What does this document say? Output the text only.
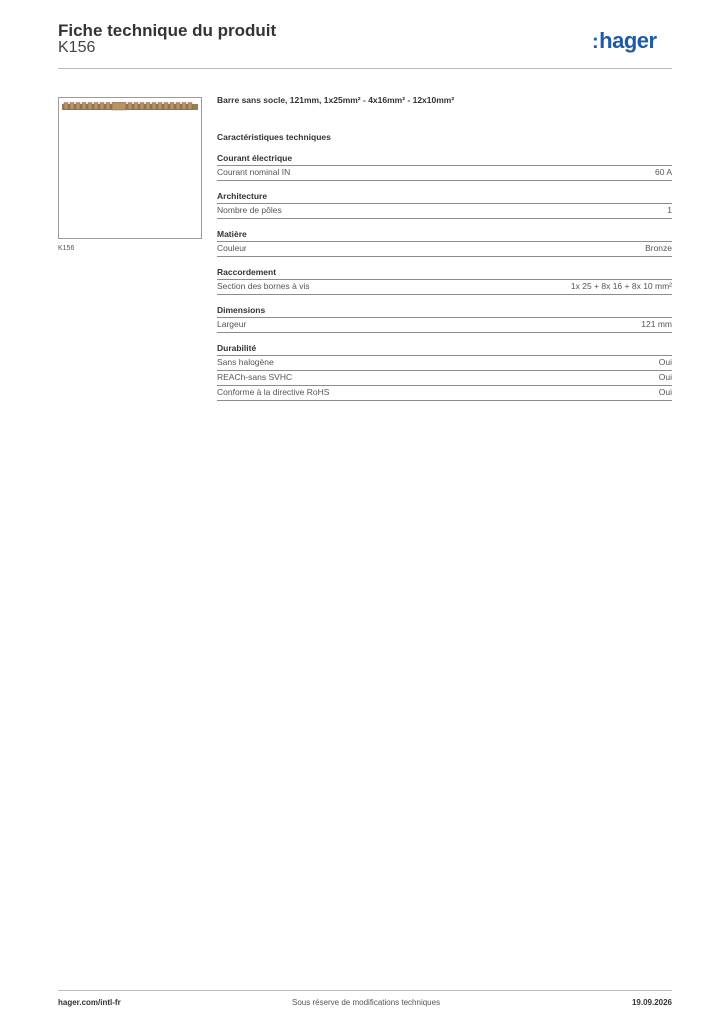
Fiche technique du produit
K156	:hager
K156
Barre sans socle, 121mm, 1x25mm² - 4x16mm² - 12x10mm²
Caractéristiques techniques
Courant électrique
Courant nominal IN	60 A
Architecture
Nombre de pôles	1
Matière
Couleur	Bronze
Raccordement
Section des bornes à vis	1x 25 + 8x 16 + 8x 10 mm²
Dimensions
Largeur	121 mm
Durabilité
Sans halogène	Oui
REACh-sans SVHC	Oui
Conforme à la directive RoHS	Oui
hager.com/intl-fr	Sous réserve de modifications techniques	19.09.2026
